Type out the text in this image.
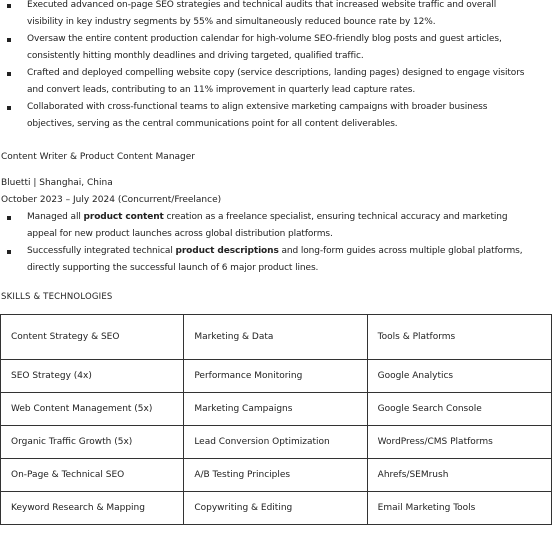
Executed advanced on-page SEO strategies and technical audits that increased website traffic and overall
visibility in key industry segments by 55% and simultaneously reduced bounce rate by 12%.
Oversaw the entire content production calendar for high-volume SEO-friendly blog posts and guest articles,
consistently hitting monthly deadlines and driving targeted, qualified traffic.
Crafted and deployed compelling website copy (service descriptions, landing pages) designed to engage visitors
and convert leads, contributing to an 11% improvement in quarterly lead capture rates.
Collaborated with cross-functional teams to align extensive marketing campaigns with broader business
objectives, serving as the central communications point for all content deliverables.
Content Writer & Product Content Manager
Bluetti | Shanghai, China
October 2023 – July 2024 (Concurrent/Freelance)
Managed all product content creation as a freelance specialist, ensuring technical accuracy and marketing
appeal for new product launches across global distribution platforms.
Successfully integrated technical product descriptions and long-form guides across multiple global platforms,
directly supporting the successful launch of 6 major product lines.
SKILLS & TECHNOLOGIES
Content Strategy & SEO	Marketing & Data	Tools & Platforms
SEO Strategy (4x)	Performance Monitoring	Google Analytics
Web Content Management (5x)	Marketing Campaigns	Google Search Console
Organic Traffic Growth (5x)	Lead Conversion Optimization	WordPress/CMS Platforms
On-Page & Technical SEO	A/B Testing Principles	Ahrefs/SEMrush
Keyword Research & Mapping	Copywriting & Editing	Email Marketing Tools
